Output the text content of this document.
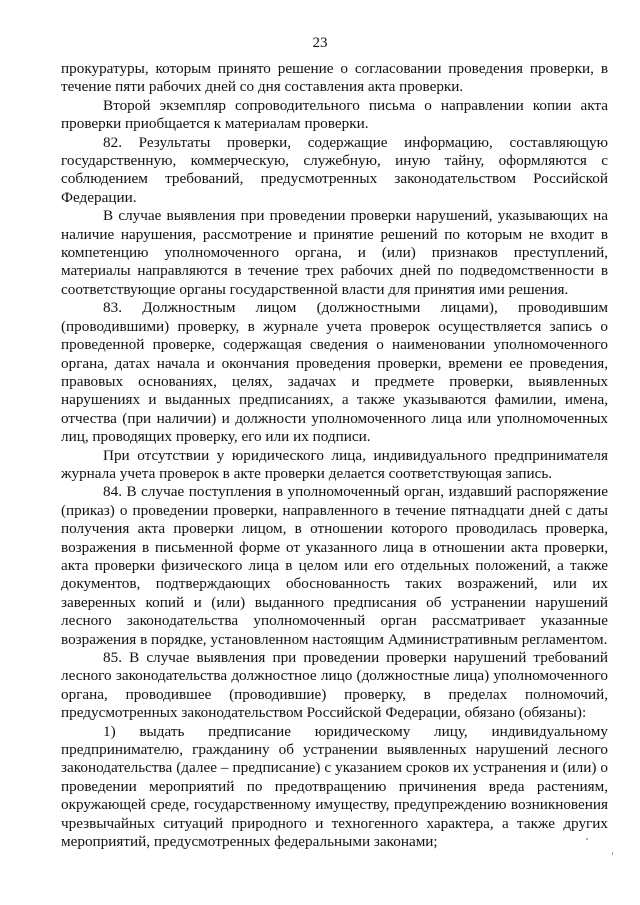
23

прокуратуры, которым принято решение о согласовании проведения проверки, в течение пяти рабочих дней со дня составления акта проверки.

Второй экземпляр сопроводительного письма о направлении копии акта проверки приобщается к материалам проверки.

82. Результаты проверки, содержащие информацию, составляющую государственную, коммерческую, служебную, иную тайну, оформляются с соблюдением требований, предусмотренных законодательством Российской Федерации.

В случае выявления при проведении проверки нарушений, указывающих на наличие нарушения, рассмотрение и принятие решений по которым не входит в компетенцию уполномоченного органа, и (или) признаков преступлений, материалы направляются в течение трех рабочих дней по подведомственности в соответствующие органы государственной власти для принятия ими решения.

83. Должностным лицом (должностными лицами), проводившим (проводившими) проверку, в журнале учета проверок осуществляется запись о проведенной проверке, содержащая сведения о наименовании уполномоченного органа, датах начала и окончания проведения проверки, времени ее проведения, правовых основаниях, целях, задачах и предмете проверки, выявленных нарушениях и выданных предписаниях, а также указываются фамилии, имена, отчества (при наличии) и должности уполномоченного лица или уполномоченных лиц, проводящих проверку, его или их подписи.

При отсутствии у юридического лица, индивидуального предпринимателя журнала учета проверок в акте проверки делается соответствующая запись.

84. В случае поступления в уполномоченный орган, издавший распоряжение (приказ) о проведении проверки, направленного в течение пятнадцати дней с даты получения акта проверки лицом, в отношении которого проводилась проверка, возражения в письменной форме от указанного лица в отношении акта проверки, акта проверки физического лица в целом или его отдельных положений, а также документов, подтверждающих обоснованность таких возражений, или их заверенных копий и (или) выданного предписания об устранении нарушений лесного законодательства уполномоченный орган рассматривает указанные возражения в порядке, установленном настоящим Административным регламентом.

85. В случае выявления при проведении проверки нарушений требований лесного законодательства должностное лицо (должностные лица) уполномоченного органа, проводившее (проводившие) проверку, в пределах полномочий, предусмотренных законодательством Российской Федерации, обязано (обязаны):

1) выдать предписание юридическому лицу, индивидуальному предпринимателю, гражданину об устранении выявленных нарушений лесного законодательства (далее – предписание) с указанием сроков их устранения и (или) о проведении мероприятий по предотвращению причинения вреда растениям, окружающей среде, государственному имуществу, предупреждению возникновения чрезвычайных ситуаций природного и техногенного характера, а также других мероприятий, предусмотренных федеральными законами;
